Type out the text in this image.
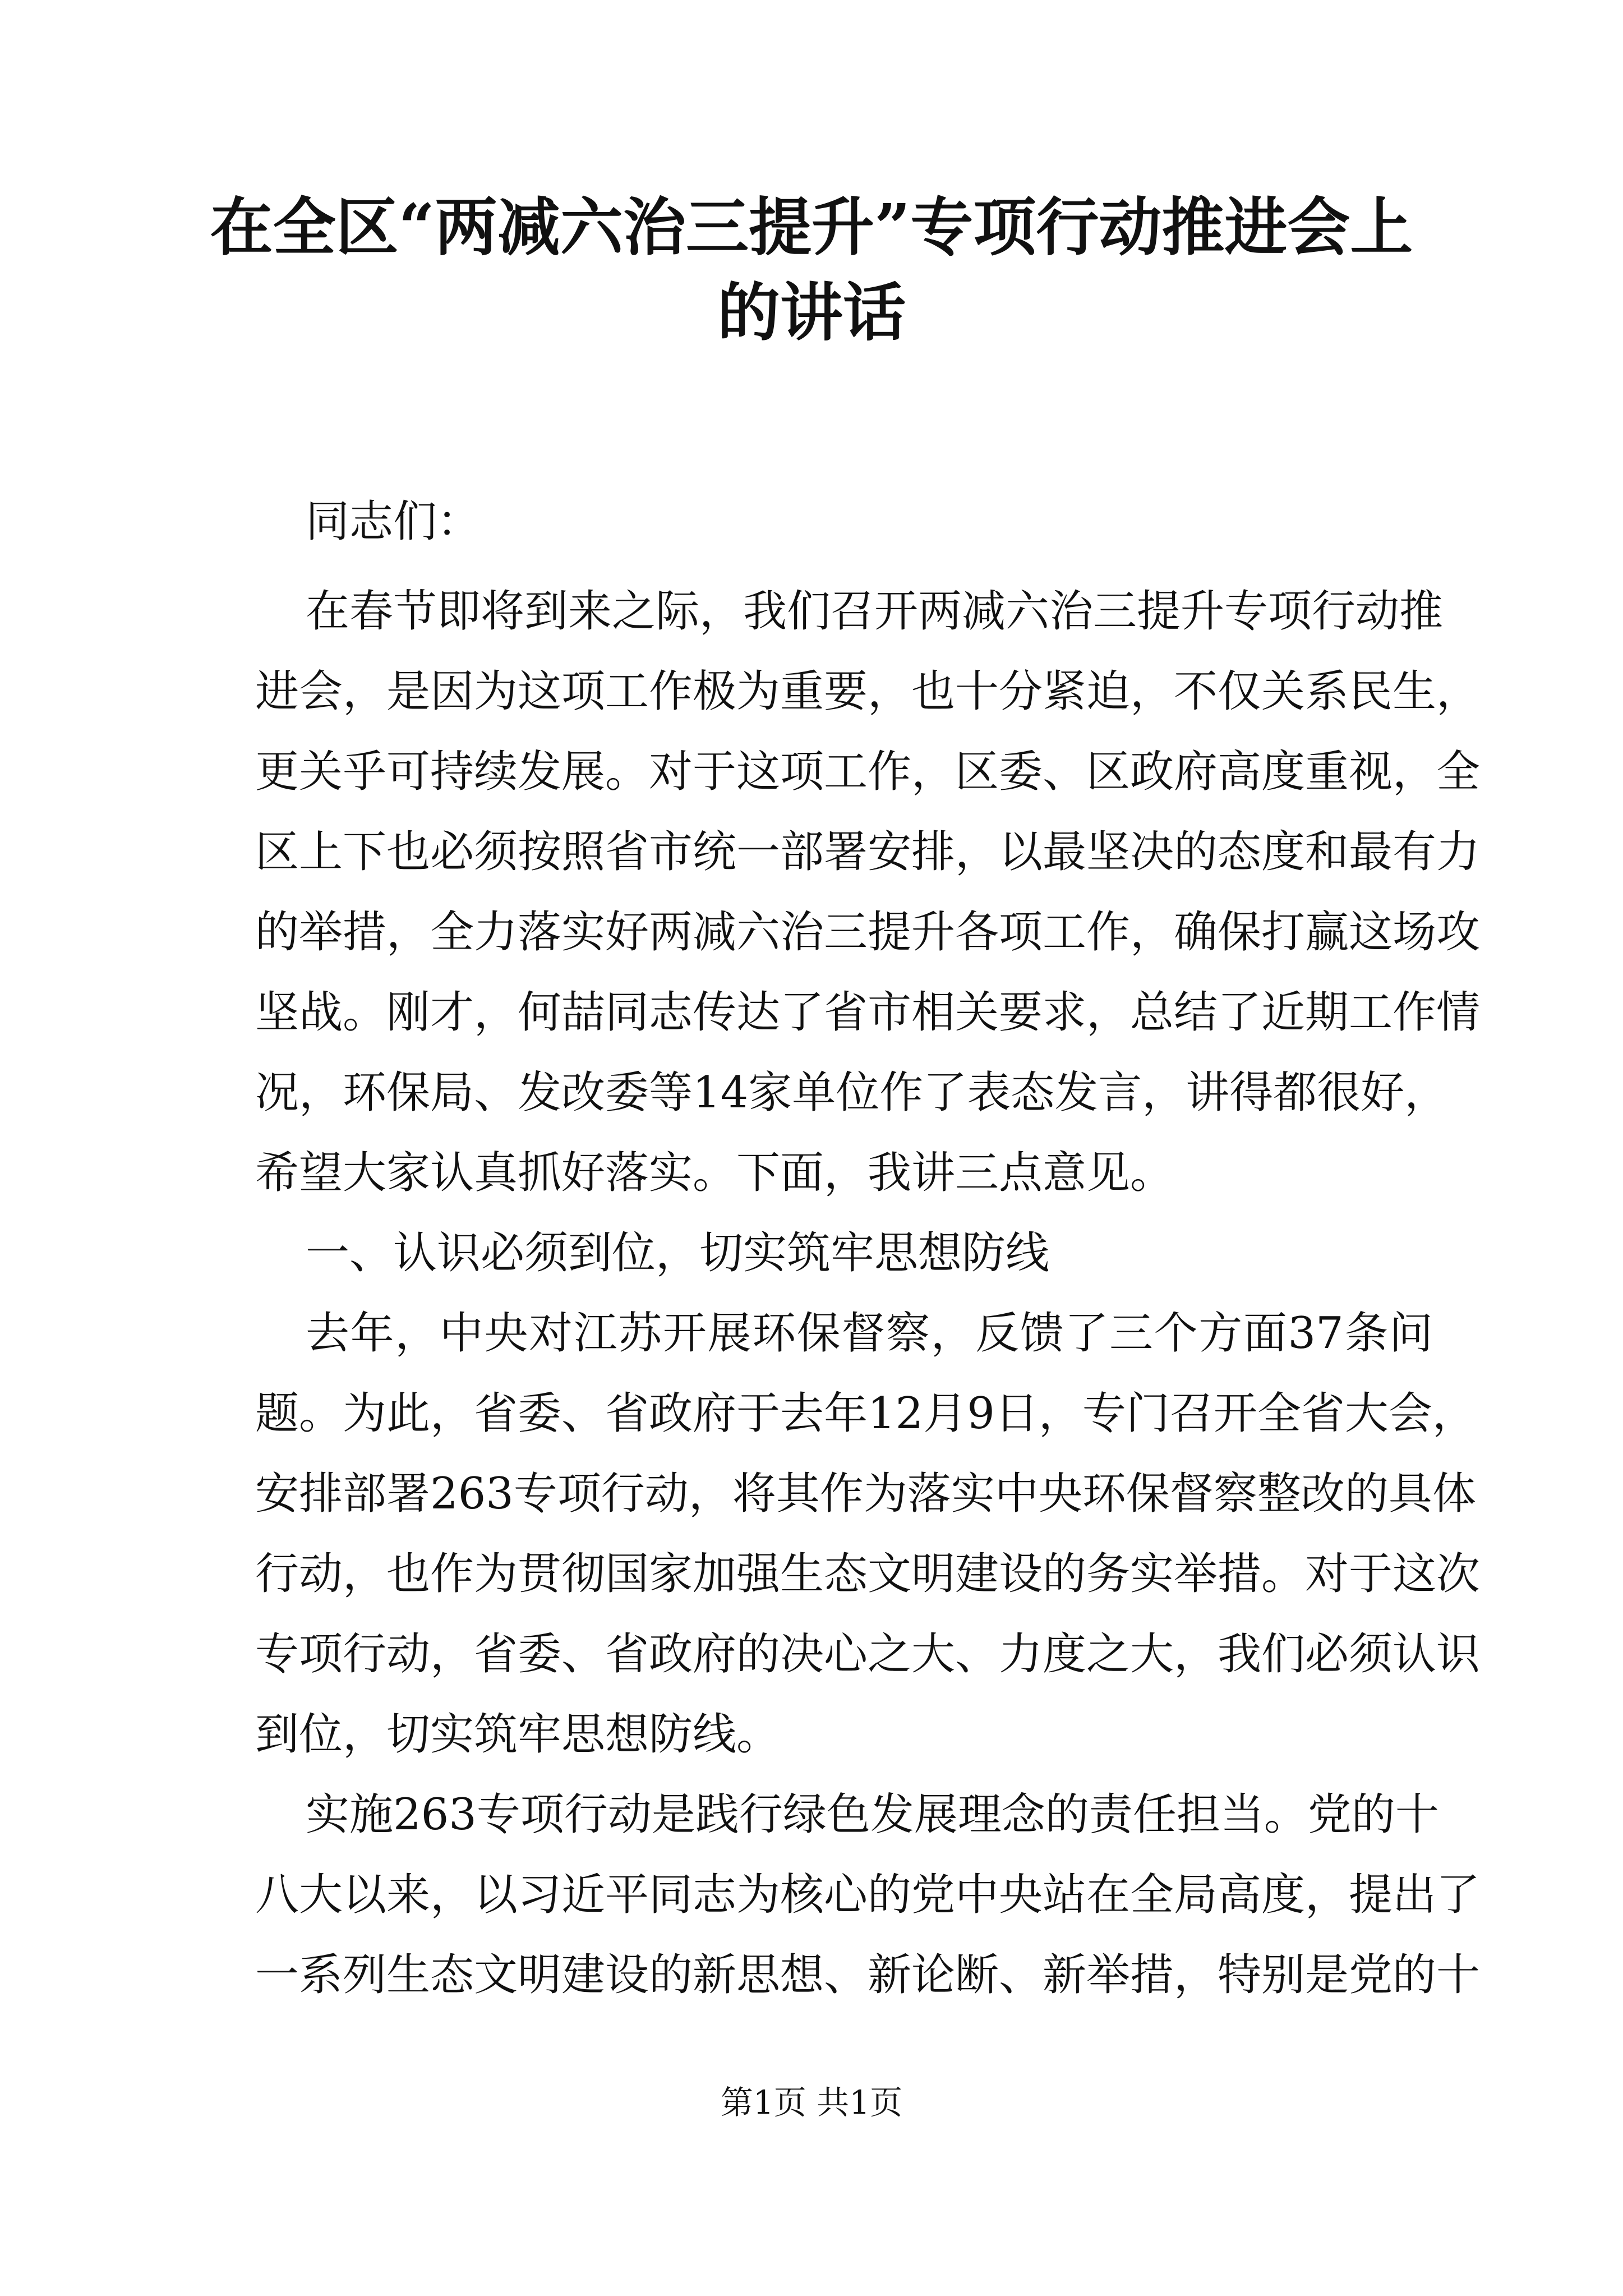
在全区“两减六治三提升”专项行动推进会上
的讲话
同志们：
在春节即将到来之际，我们召开两减六治三提升专项行动推
进会，是因为这项工作极为重要，也十分紧迫，不仅关系民生，
更关乎可持续发展。对于这项工作，区委、区政府高度重视，全
区上下也必须按照省市统一部署安排，以最坚决的态度和最有力
的举措，全力落实好两减六治三提升各项工作，确保打赢这场攻
坚战。刚才，何喆同志传达了省市相关要求，总结了近期工作情
况，环保局、发改委等14家单位作了表态发言，讲得都很好，
希望大家认真抓好落实。下面，我讲三点意见。
一、认识必须到位，切实筑牢思想防线
去年，中央对江苏开展环保督察，反馈了三个方面37条问
题。为此，省委、省政府于去年12月9日，专门召开全省大会，
安排部署263专项行动，将其作为落实中央环保督察整改的具体
行动，也作为贯彻国家加强生态文明建设的务实举措。对于这次
专项行动，省委、省政府的决心之大、力度之大，我们必须认识
到位，切实筑牢思想防线。
实施263专项行动是践行绿色发展理念的责任担当。党的十
八大以来，以习近平同志为核心的党中央站在全局高度，提出了
一系列生态文明建设的新思想、新论断、新举措，特别是党的十
第1页 共1页
